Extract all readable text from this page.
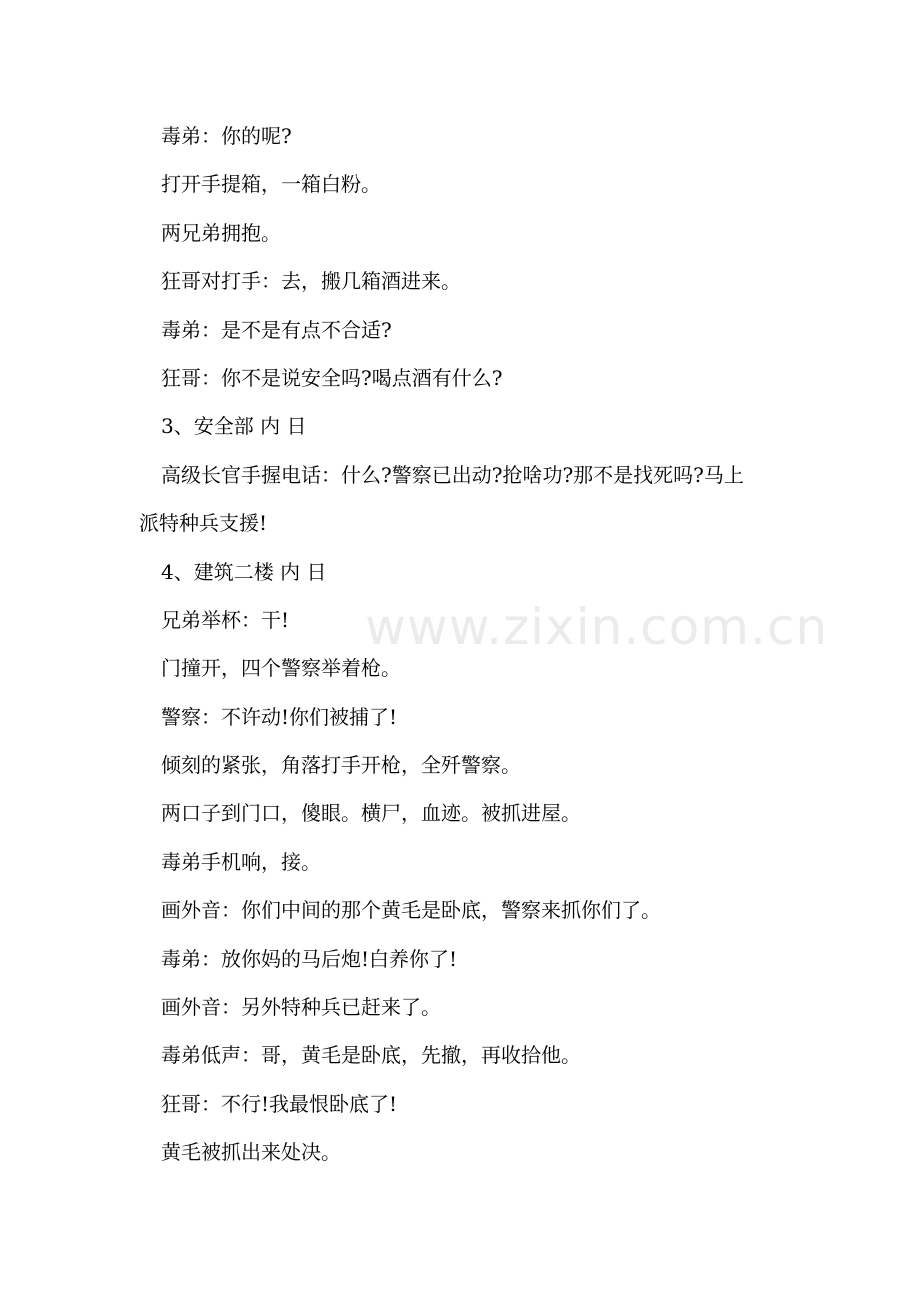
www.zixin.com.cn
毒弟：你的呢?
打开手提箱，一箱白粉。
两兄弟拥抱。
狂哥对打手：去，搬几箱酒进来。
毒弟：是不是有点不合适?
狂哥：你不是说安全吗?喝点酒有什么?
3、安全部 内 日
高级长官手握电话：什么?警察已出动?抢啥功?那不是找死吗?马上
派特种兵支援!
4、建筑二楼 内 日
兄弟举杯：干!
门撞开，四个警察举着枪。
警察：不许动!你们被捕了!
倾刻的紧张，角落打手开枪，全歼警察。
两口子到门口，傻眼。横尸，血迹。被抓进屋。
毒弟手机响，接。
画外音：你们中间的那个黄毛是卧底，警察来抓你们了。
毒弟：放你妈的马后炮!白养你了!
画外音：另外特种兵已赶来了。
毒弟低声：哥，黄毛是卧底，先撤，再收拾他。
狂哥：不行!我最恨卧底了!
黄毛被抓出来处决。
